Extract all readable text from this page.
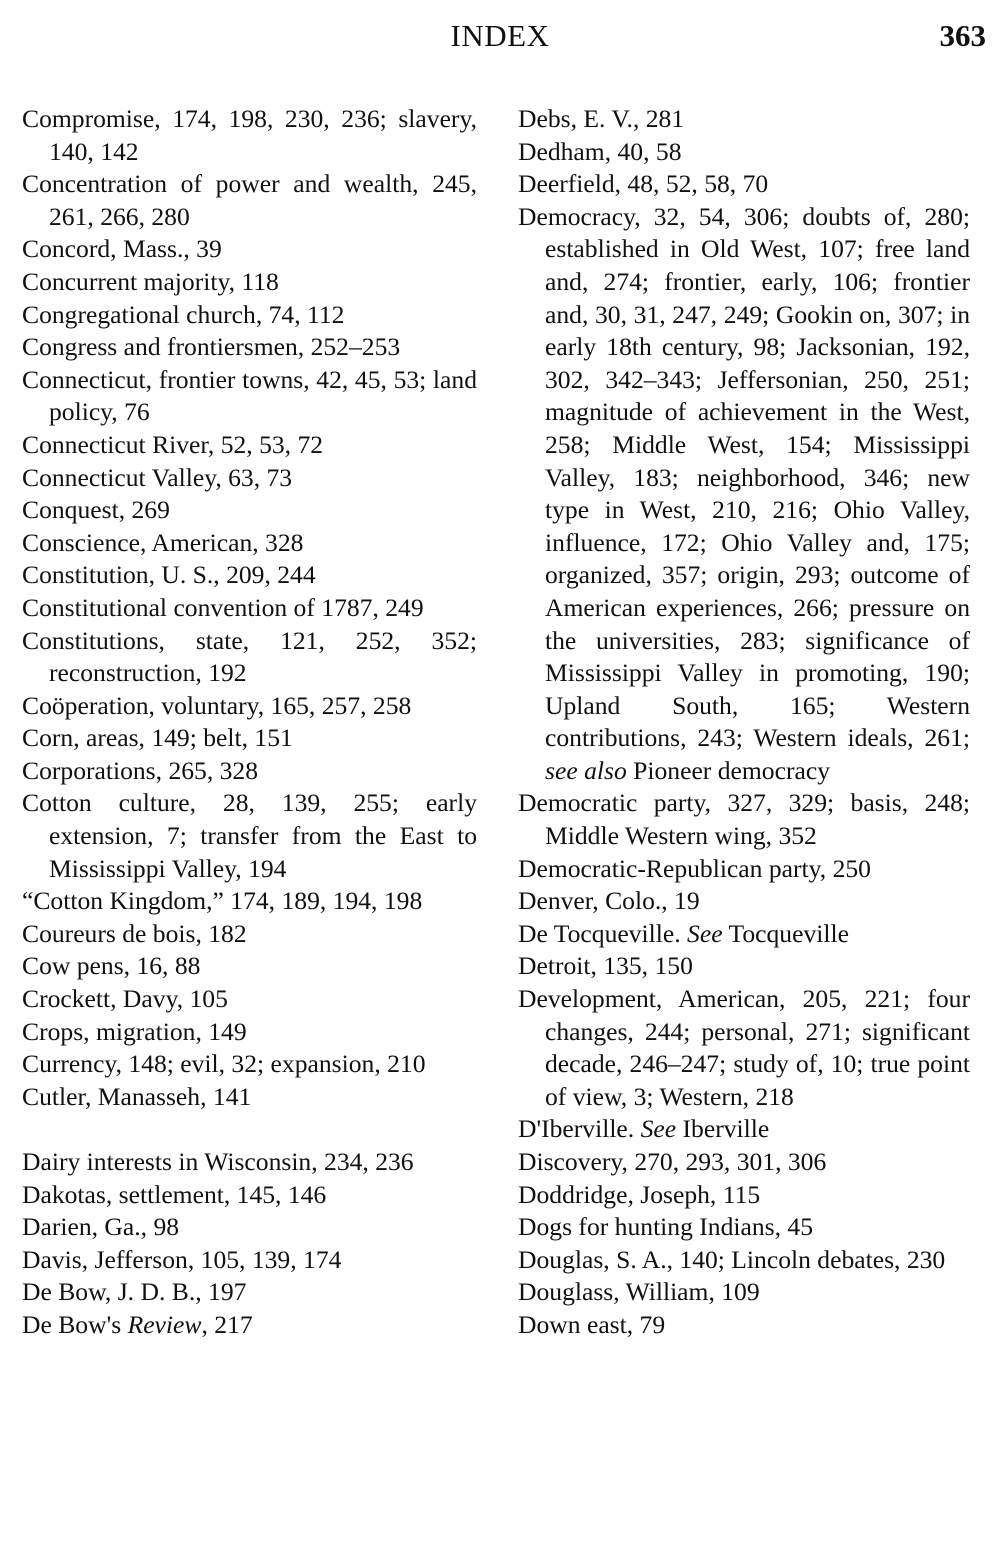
INDEX	363
Compromise, 174, 198, 230, 236; slavery, 140, 142
Concentration of power and wealth, 245, 261, 266, 280
Concord, Mass., 39
Concurrent majority, 118
Congregational church, 74, 112
Congress and frontiersmen, 252–253
Connecticut, frontier towns, 42, 45, 53; land policy, 76
Connecticut River, 52, 53, 72
Connecticut Valley, 63, 73
Conquest, 269
Conscience, American, 328
Constitution, U. S., 209, 244
Constitutional convention of 1787, 249
Constitutions, state, 121, 252, 352; reconstruction, 192
Coöperation, voluntary, 165, 257, 258
Corn, areas, 149; belt, 151
Corporations, 265, 328
Cotton culture, 28, 139, 255; early extension, 7; transfer from the East to Mississippi Valley, 194
“Cotton Kingdom,” 174, 189, 194, 198
Coureurs de bois, 182
Cow pens, 16, 88
Crockett, Davy, 105
Crops, migration, 149
Currency, 148; evil, 32; expansion, 210
Cutler, Manasseh, 141
Dairy interests in Wisconsin, 234, 236
Dakotas, settlement, 145, 146
Darien, Ga., 98
Davis, Jefferson, 105, 139, 174
De Bow, J. D. B., 197
De Bow's Review, 217
Debs, E. V., 281
Dedham, 40, 58
Deerfield, 48, 52, 58, 70
Democracy, 32, 54, 306; doubts of, 280; established in Old West, 107; free land and, 274; frontier, early, 106; frontier and, 30, 31, 247, 249; Gookin on, 307; in early 18th century, 98; Jacksonian, 192, 302, 342–343; Jeffersonian, 250, 251; magnitude of achievement in the West, 258; Middle West, 154; Mississippi Valley, 183; neighborhood, 346; new type in West, 210, 216; Ohio Valley, influence, 172; Ohio Valley and, 175; organized, 357; origin, 293; outcome of American experiences, 266; pressure on the universities, 283; significance of Mississippi Valley in promoting, 190; Upland South, 165; Western contributions, 243; Western ideals, 261; see also Pioneer democracy
Democratic party, 327, 329; basis, 248; Middle Western wing, 352
Democratic-Republican party, 250
Denver, Colo., 19
De Tocqueville. See Tocqueville
Detroit, 135, 150
Development, American, 205, 221; four changes, 244; personal, 271; significant decade, 246–247; study of, 10; true point of view, 3; Western, 218
D'Iberville. See Iberville
Discovery, 270, 293, 301, 306
Doddridge, Joseph, 115
Dogs for hunting Indians, 45
Douglas, S. A., 140; Lincoln debates, 230
Douglass, William, 109
Down east, 79
